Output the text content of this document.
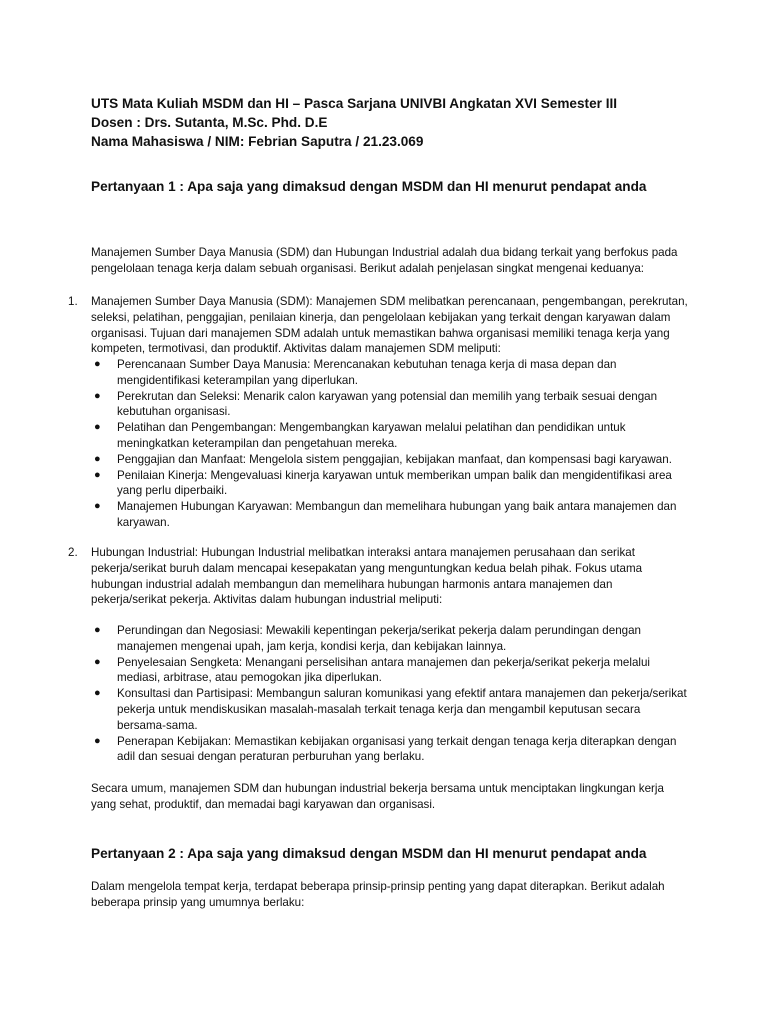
UTS Mata Kuliah MSDM dan HI – Pasca Sarjana UNIVBI Angkatan XVI Semester III
Dosen : Drs. Sutanta, M.Sc. Phd. D.E
Nama Mahasiswa / NIM: Febrian Saputra / 21.23.069
Pertanyaan 1 : Apa saja yang dimaksud dengan MSDM dan HI menurut pendapat anda

Manajemen Sumber Daya Manusia (SDM) dan Hubungan Industrial adalah dua bidang terkait yang berfokus pada pengelolaan tenaga kerja dalam sebuah organisasi. Berikut adalah penjelasan singkat mengenai keduanya:

1. Manajemen Sumber Daya Manusia (SDM): Manajemen SDM melibatkan perencanaan, pengembangan, perekrutan, seleksi, pelatihan, penggajian, penilaian kinerja, dan pengelolaan kebijakan yang terkait dengan karyawan dalam organisasi. Tujuan dari manajemen SDM adalah untuk memastikan bahwa organisasi memiliki tenaga kerja yang kompeten, termotivasi, dan produktif. Aktivitas dalam manajemen SDM meliputi:
● Perencanaan Sumber Daya Manusia: Merencanakan kebutuhan tenaga kerja di masa depan dan mengidentifikasi keterampilan yang diperlukan.
● Perekrutan dan Seleksi: Menarik calon karyawan yang potensial dan memilih yang terbaik sesuai dengan kebutuhan organisasi.
● Pelatihan dan Pengembangan: Mengembangkan karyawan melalui pelatihan dan pendidikan untuk meningkatkan keterampilan dan pengetahuan mereka.
● Penggajian dan Manfaat: Mengelola sistem penggajian, kebijakan manfaat, dan kompensasi bagi karyawan.
● Penilaian Kinerja: Mengevaluasi kinerja karyawan untuk memberikan umpan balik dan mengidentifikasi area yang perlu diperbaiki.
● Manajemen Hubungan Karyawan: Membangun dan memelihara hubungan yang baik antara manajemen dan karyawan.
2. Hubungan Industrial: Hubungan Industrial melibatkan interaksi antara manajemen perusahaan dan serikat pekerja/serikat buruh dalam mencapai kesepakatan yang menguntungkan kedua belah pihak. Fokus utama hubungan industrial adalah membangun dan memelihara hubungan harmonis antara manajemen dan pekerja/serikat pekerja. Aktivitas dalam hubungan industrial meliputi:
● Perundingan dan Negosiasi: Mewakili kepentingan pekerja/serikat pekerja dalam perundingan dengan manajemen mengenai upah, jam kerja, kondisi kerja, dan kebijakan lainnya.
● Penyelesaian Sengketa: Menangani perselisihan antara manajemen dan pekerja/serikat pekerja melalui mediasi, arbitrase, atau pemogokan jika diperlukan.
● Konsultasi dan Partisipasi: Membangun saluran komunikasi yang efektif antara manajemen dan pekerja/serikat pekerja untuk mendiskusikan masalah-masalah terkait tenaga kerja dan mengambil keputusan secara bersama-sama.
● Penerapan Kebijakan: Memastikan kebijakan organisasi yang terkait dengan tenaga kerja diterapkan dengan adil dan sesuai dengan peraturan perburuhan yang berlaku.

Secara umum, manajemen SDM dan hubungan industrial bekerja bersama untuk menciptakan lingkungan kerja yang sehat, produktif, dan memadai bagi karyawan dan organisasi.

Pertanyaan 2 : Apa saja yang dimaksud dengan MSDM dan HI menurut pendapat anda

Dalam mengelola tempat kerja, terdapat beberapa prinsip-prinsip penting yang dapat diterapkan. Berikut adalah beberapa prinsip yang umumnya berlaku:
